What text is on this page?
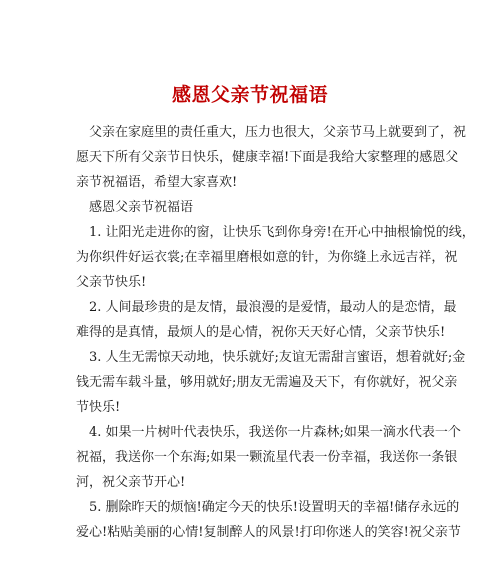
感恩父亲节祝福语

父亲在家庭里的责任重大，压力也很大，父亲节马上就要到了，祝
愿天下所有父亲节日快乐，健康幸福!下面是我给大家整理的感恩父
亲节祝福语，希望大家喜欢!

感恩父亲节祝福语

1. 让阳光走进你的窗，让快乐飞到你身旁!在开心中抽根愉悦的线，
为你织件好运衣裳;在幸福里磨根如意的针，为你缝上永远吉祥，祝
父亲节快乐!

2. 人间最珍贵的是友情，最浪漫的是爱情，最动人的是恋情，最
难得的是真情，最烦人的是心情，祝你天天好心情，父亲节快乐!

3. 人生无需惊天动地，快乐就好;友谊无需甜言蜜语，想着就好;金
钱无需车载斗量，够用就好;朋友无需遍及天下，有你就好，祝父亲
节快乐!

4. 如果一片树叶代表快乐，我送你一片森林;如果一滴水代表一个
祝福，我送你一个东海;如果一颗流星代表一份幸福，我送你一条银
河，祝父亲节开心!

5. 删除昨天的烦恼!确定今天的快乐!设置明天的幸福!储存永远的
爱心!粘贴美丽的心情!复制醉人的风景!打印你迷人的笑容!祝父亲节
